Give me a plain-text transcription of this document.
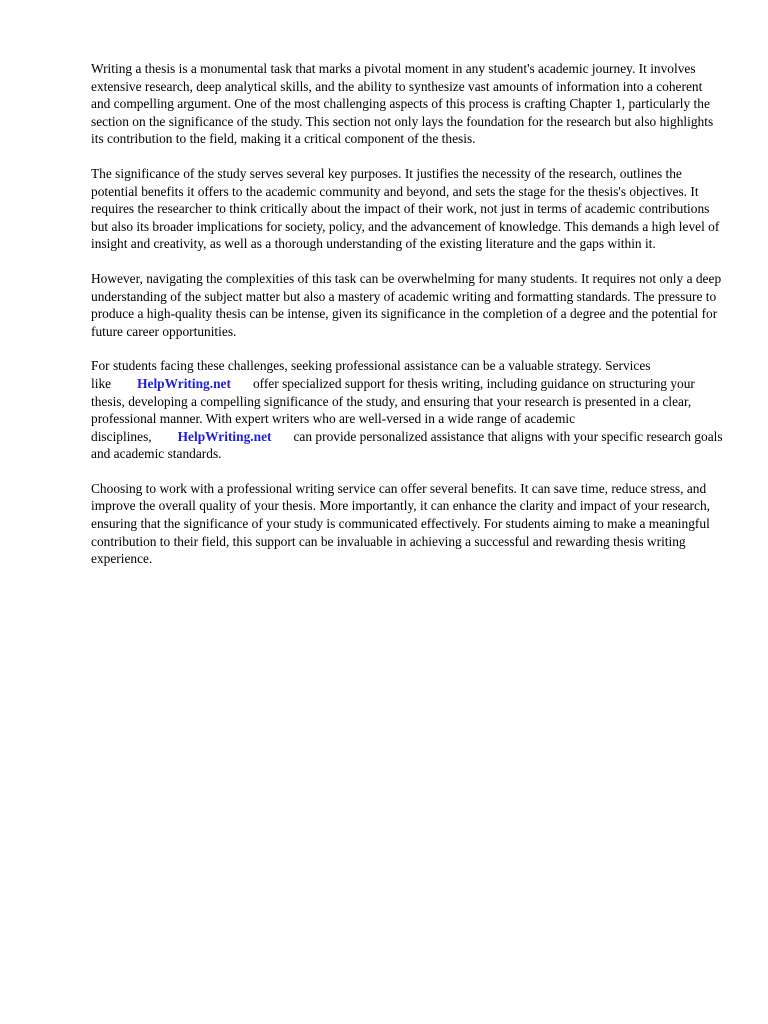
Writing a thesis is a monumental task that marks a pivotal moment in any student's academic journey. It involves extensive research, deep analytical skills, and the ability to synthesize vast amounts of information into a coherent and compelling argument. One of the most challenging aspects of this process is crafting Chapter 1, particularly the section on the significance of the study. This section not only lays the foundation for the research but also highlights its contribution to the field, making it a critical component of the thesis.

The significance of the study serves several key purposes. It justifies the necessity of the research, outlines the potential benefits it offers to the academic community and beyond, and sets the stage for the thesis's objectives. It requires the researcher to think critically about the impact of their work, not just in terms of academic contributions but also its broader implications for society, policy, and the advancement of knowledge. This demands a high level of insight and creativity, as well as a thorough understanding of the existing literature and the gaps within it.

However, navigating the complexities of this task can be overwhelming for many students. It requires not only a deep understanding of the subject matter but also a mastery of academic writing and formatting standards. The pressure to produce a high-quality thesis can be intense, given its significance in the completion of a degree and the potential for future career opportunities.

For students facing these challenges, seeking professional assistance can be a valuable strategy. Services like HelpWriting.net offer specialized support for thesis writing, including guidance on structuring your thesis, developing a compelling significance of the study, and ensuring that your research is presented in a clear, professional manner. With expert writers who are well-versed in a wide range of academic disciplines, HelpWriting.net can provide personalized assistance that aligns with your specific research goals and academic standards.

Choosing to work with a professional writing service can offer several benefits. It can save time, reduce stress, and improve the overall quality of your thesis. More importantly, it can enhance the clarity and impact of your research, ensuring that the significance of your study is communicated effectively. For students aiming to make a meaningful contribution to their field, this support can be invaluable in achieving a successful and rewarding thesis writing experience.
